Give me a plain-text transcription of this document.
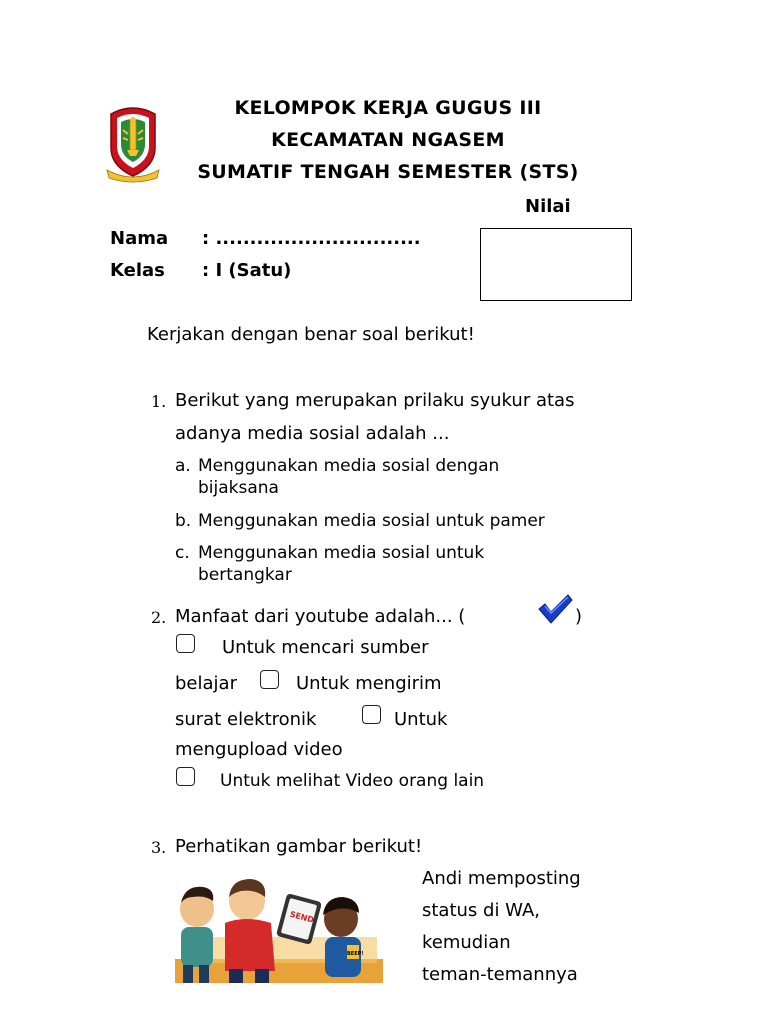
KELOMPOK KERJA GUGUS III
KECAMATAN NGASEM
SUMATIF TENGAH SEMESTER (STS)
Nilai
Nama : ..............................
Kelas : I (Satu)
Kerjakan dengan benar soal berikut!
1. Berikut yang merupakan prilaku syukur atas
adanya media sosial adalah ...
a. Menggunakan media sosial dengan
bijaksana
b. Menggunakan media sosial untuk pamer
c. Menggunakan media sosial untuk
bertangkar
2. Manfaat dari youtube adalah... (	)
Untuk mencari sumber
belajar	Untuk mengirim
surat elektronik	Untuk
mengupload video
Untuk melihat Video orang lain
3. Perhatikan gambar berikut!
SEND
BEEP!
Andi memposting
status di WA,
kemudian
teman-temannya
